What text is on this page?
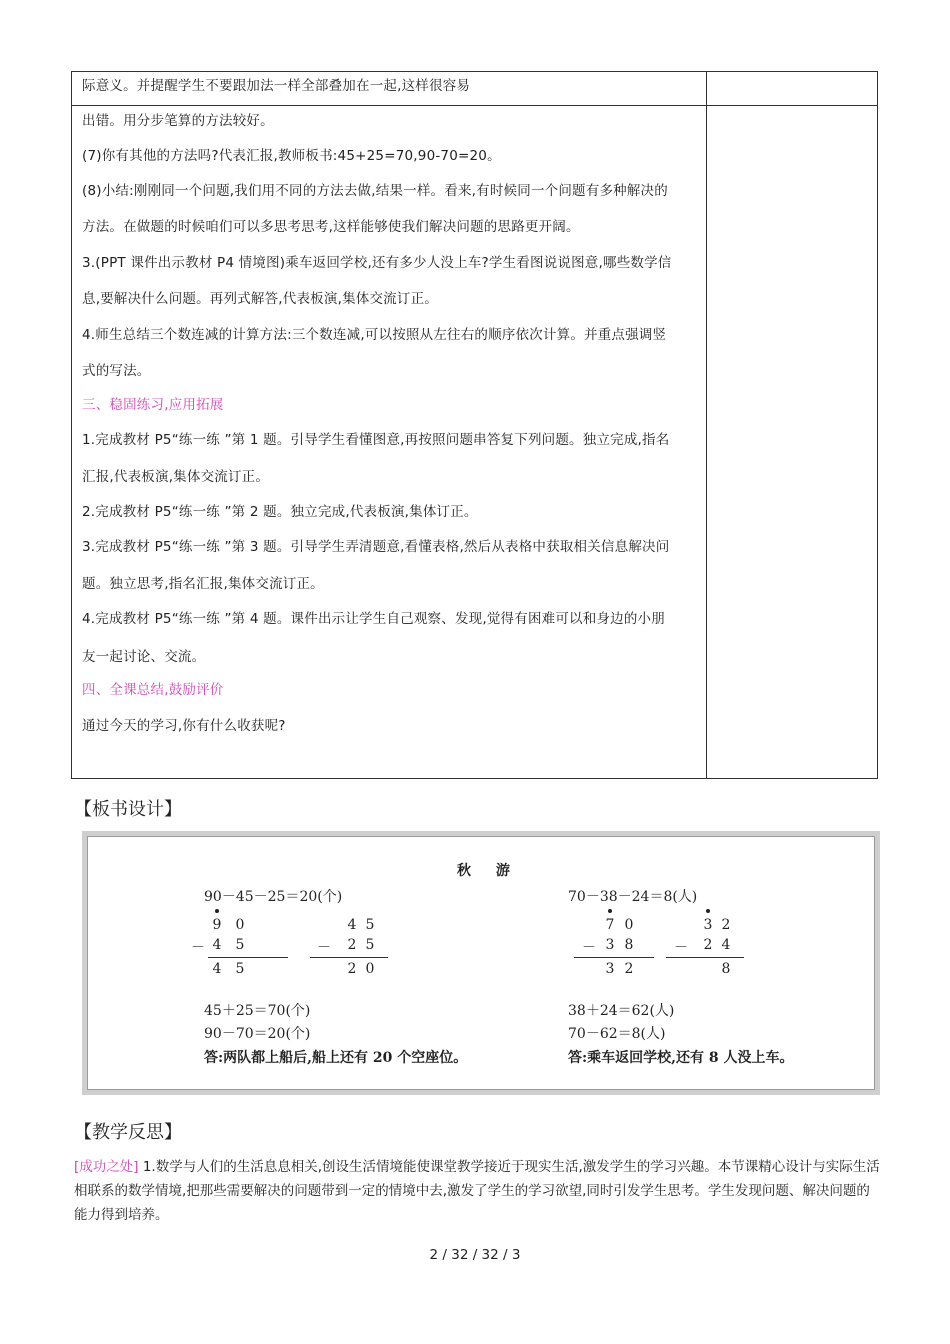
际意义。并提醒学生不要跟加法一样全部叠加在一起,这样很容易
出错。用分步笔算的方法较好。
(7)你有其他的方法吗?代表汇报,教师板书:45+25=70,90-70=20。
(8)小结:刚刚同一个问题,我们用不同的方法去做,结果一样。看来,有时候同一个问题有多种解决的
方法。在做题的时候咱们可以多思考思考,这样能够使我们解决问题的思路更开阔。
3.(PPT 课件出示教材 P4 情境图)乘车返回学校,还有多少人没上车?学生看图说说图意,哪些数学信
息,要解决什么问题。再列式解答,代表板演,集体交流订正。
4.师生总结三个数连减的计算方法:三个数连减,可以按照从左往右的顺序依次计算。并重点强调竖
式的写法。
三、稳固练习,应用拓展
1.完成教材 P5“练一练 ”第 1 题。引导学生看懂图意,再按照问题串答复下列问题。独立完成,指名
汇报,代表板演,集体交流订正。
2.完成教材 P5“练一练 ”第 2 题。独立完成,代表板演,集体订正。
3.完成教材 P5“练一练 ”第 3 题。引导学生弄清题意,看懂表格,然后从表格中获取相关信息解决问
题。独立思考,指名汇报,集体交流订正。
4.完成教材 P5“练一练 ”第 4 题。课件出示让学生自己观察、发现,觉得有困难可以和身边的小朋
友一起讨论、交流。
四、全课总结,鼓励评价
通过今天的学习,你有什么收获呢?
【板书设计】
秋 游
90－45－25＝20(个)
9 0
－ 4 5
4 5
4 5
－ 2 5
2 0
45＋25＝70(个)
90－70＝20(个)
答:两队都上船后,船上还有 20 个空座位。
70－38－24＝8(人)
7 0
－ 3 8
3 2
3 2
－ 2 4
8
38＋24＝62(人)
70－62＝8(人)
答:乘车返回学校,还有 8 人没上车。
【教学反思】
[成功之处] 1.数学与人们的生活息息相关,创设生活情境能使课堂教学接近于现实生活,激发学生的学习兴趣。本节课精心设计与实际生活相联系的数学情境,把那些需要解决的问题带到一定的情境中去,激发了学生的学习欲望,同时引发学生思考。学生发现问题、解决问题的能力得到培养。
2 / 32 / 32 / 3
